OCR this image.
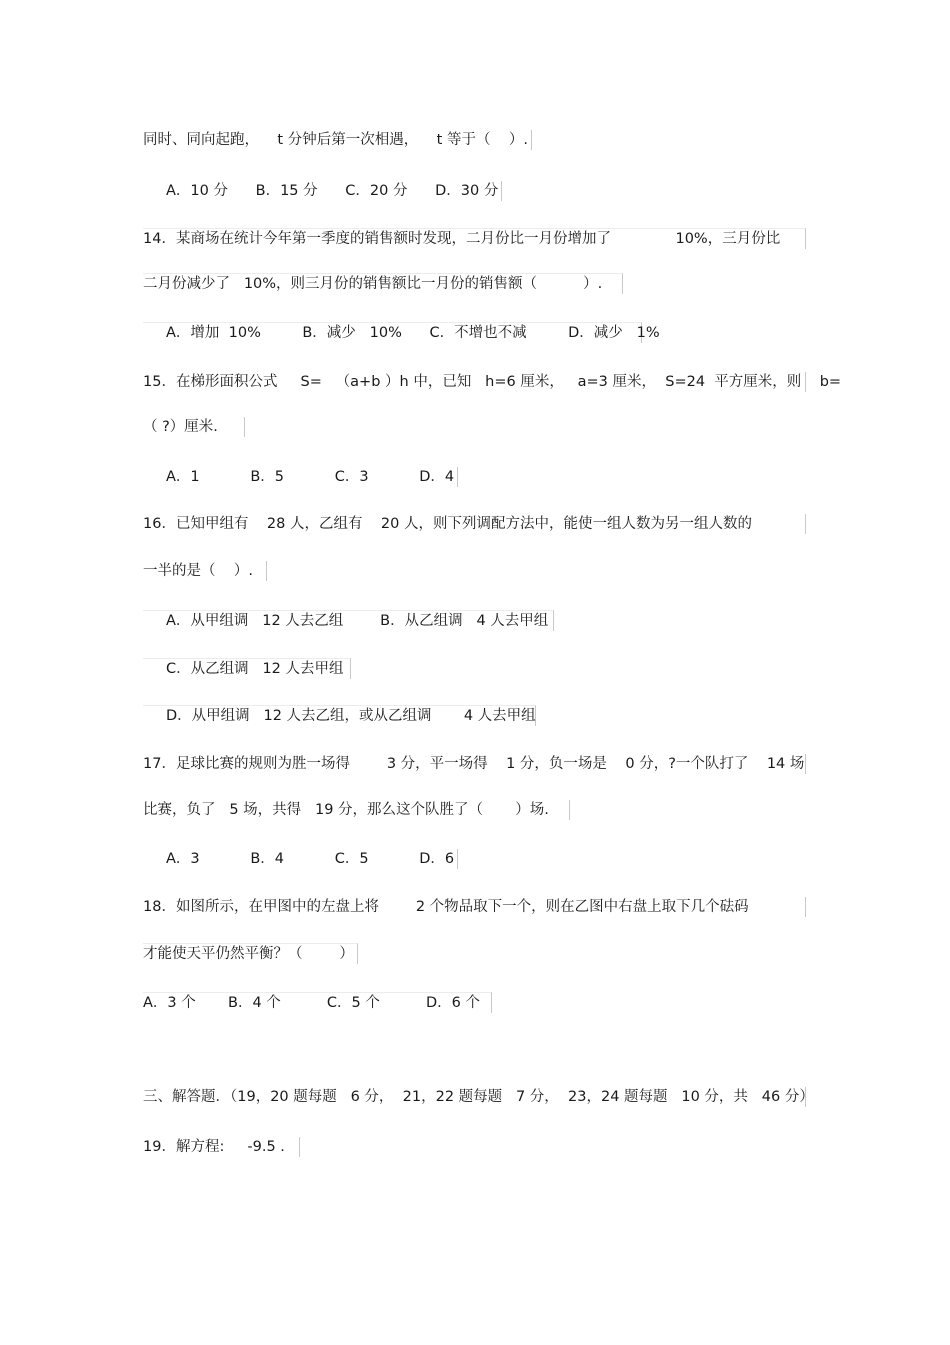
同时、同向起跑，    t 分钟后第一次相遇，    t 等于（    ）.
A．10 分      B．15 分      C．20 分      D．30 分
14．某商场在统计今年第一季度的销售额时发现，二月份比一月份增加了              10%，三月份比
二月份减少了   10%，则三月份的销售额比一月份的销售额（          ）.
A．增加  10%         B．减少   10%      C．不增也不减         D．减少   1%
15．在梯形面积公式     S=   （a+b ）h 中，已知   h=6 厘米，   a=3 厘米，  S=24  平方厘米，则    b=
（ ?）厘米.
A．1           B．5           C．3           D．4
16．已知甲组有    28 人，乙组有    20 人，则下列调配方法中，能使一组人数为另一组人数的
一半的是（    ）.
A．从甲组调   12 人去乙组        B．从乙组调   4 人去甲组
C．从乙组调   12 人去甲组
D．从甲组调   12 人去乙组，或从乙组调       4 人去甲组
17．足球比赛的规则为胜一场得        3 分，平一场得    1 分，负一场是    0 分，?一个队打了    14 场
比赛，负了   5 场，共得   19 分，那么这个队胜了（       ）场.
A．3           B．4           C．5           D．6
18．如图所示，在甲图中的左盘上将        2 个物品取下一个，则在乙图中右盘上取下几个砝码
才能使天平仍然平衡？（        ）
A．3 个       B．4 个          C．5 个          D．6 个
三、解答题．（19，20 题每题   6 分，  21，22 题每题   7 分，  23，24 题每题   10 分，共   46 分）
19．解方程:     -9.5 .
